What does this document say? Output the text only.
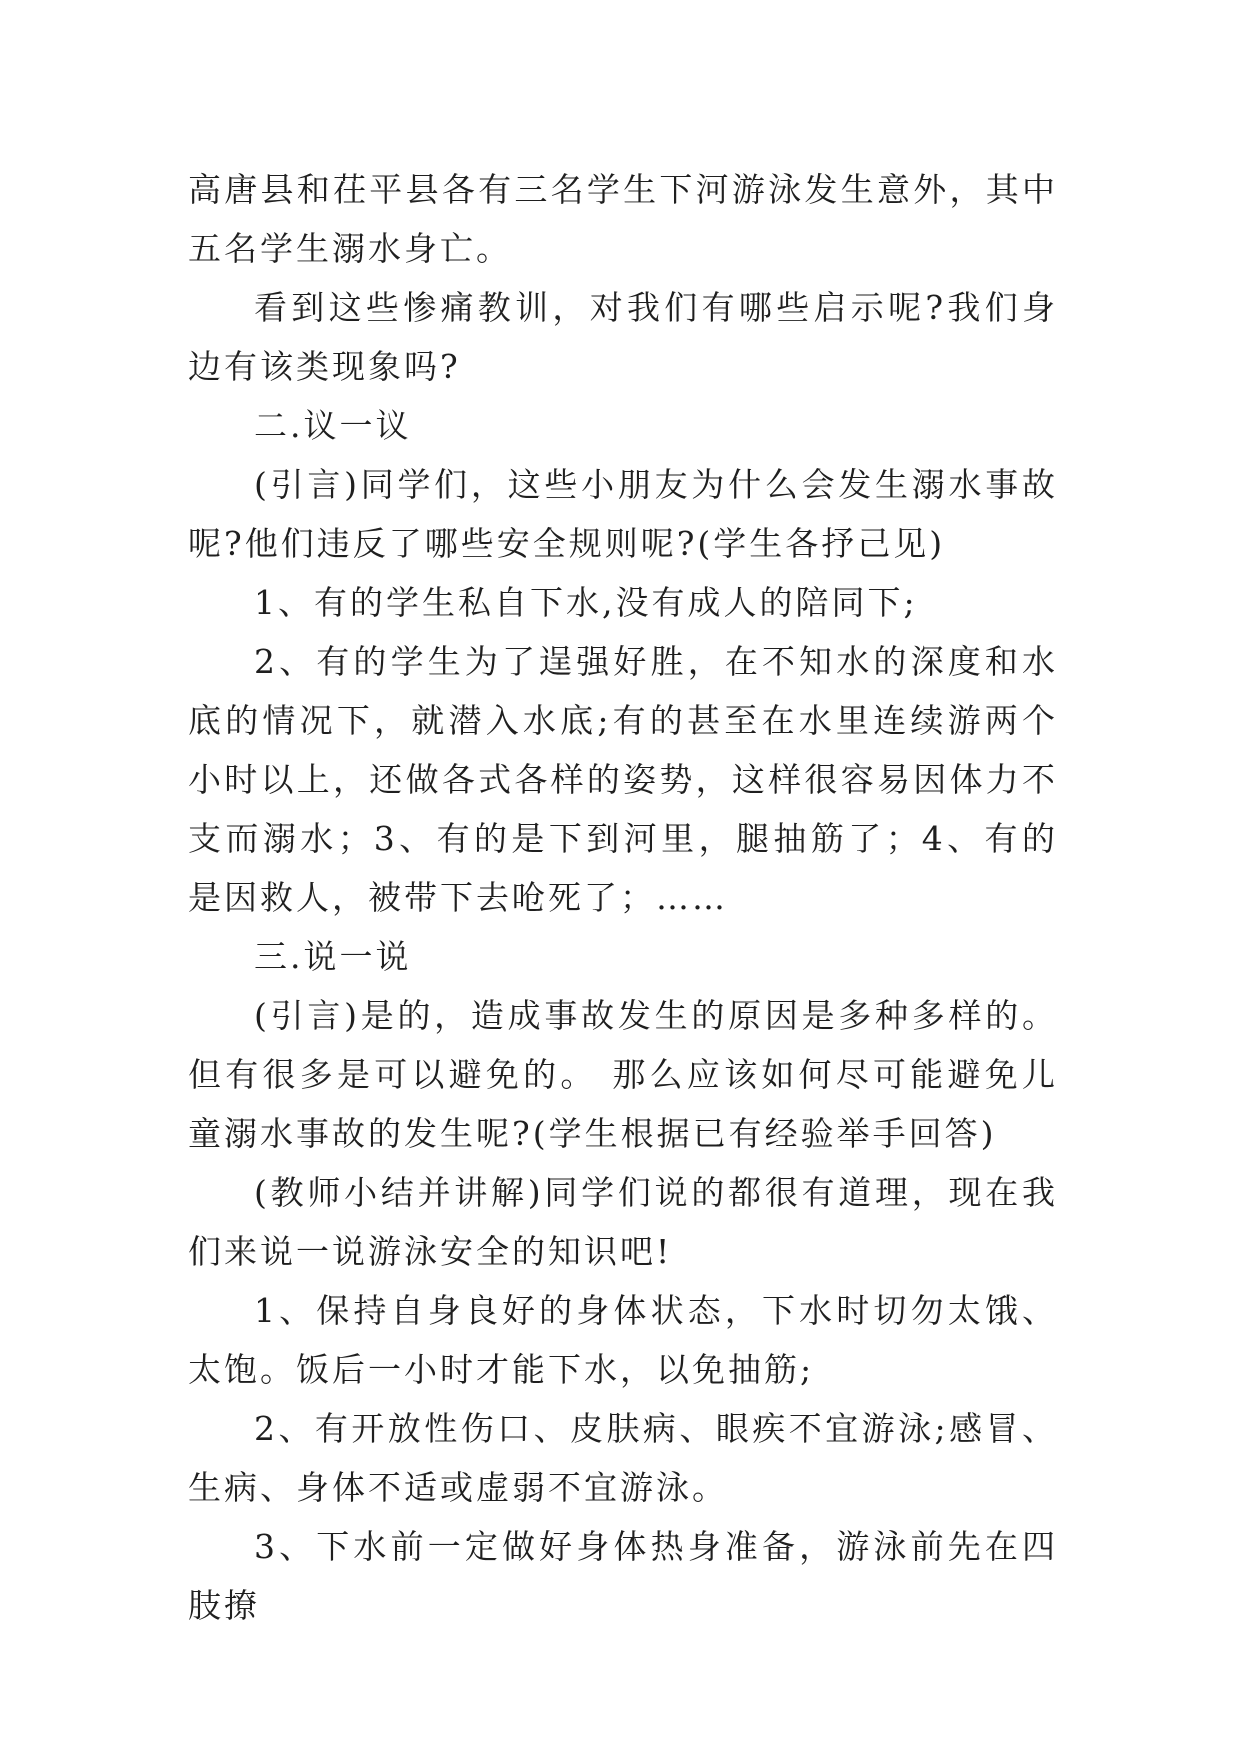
高唐县和茌平县各有三名学生下河游泳发生意外，其中五名学生溺水身亡。

看到这些惨痛教训，对我们有哪些启示呢?我们身边有该类现象吗?

二.议一议

(引言)同学们，这些小朋友为什么会发生溺水事故呢?他们违反了哪些安全规则呢?(学生各抒己见)

1、有的学生私自下水,没有成人的陪同下;

2、有的学生为了逞强好胜，在不知水的深度和水底的情况下，就潜入水底;有的甚至在水里连续游两个小时以上，还做各式各样的姿势，这样很容易因体力不支而溺水；3、有的是下到河里，腿抽筋了；4、有的是因救人，被带下去呛死了；……

三.说一说

(引言)是的，造成事故发生的原因是多种多样的。但有很多是可以避免的。 那么应该如何尽可能避免儿童溺水事故的发生呢?(学生根据已有经验举手回答)

(教师小结并讲解)同学们说的都很有道理，现在我们来说一说游泳安全的知识吧!

1、保持自身良好的身体状态，下水时切勿太饿、太饱。饭后一小时才能下水，以免抽筋;

2、有开放性伤口、皮肤病、眼疾不宜游泳;感冒、生病、身体不适或虚弱不宜游泳。

3、下水前一定做好身体热身准备，游泳前先在四肢撩
